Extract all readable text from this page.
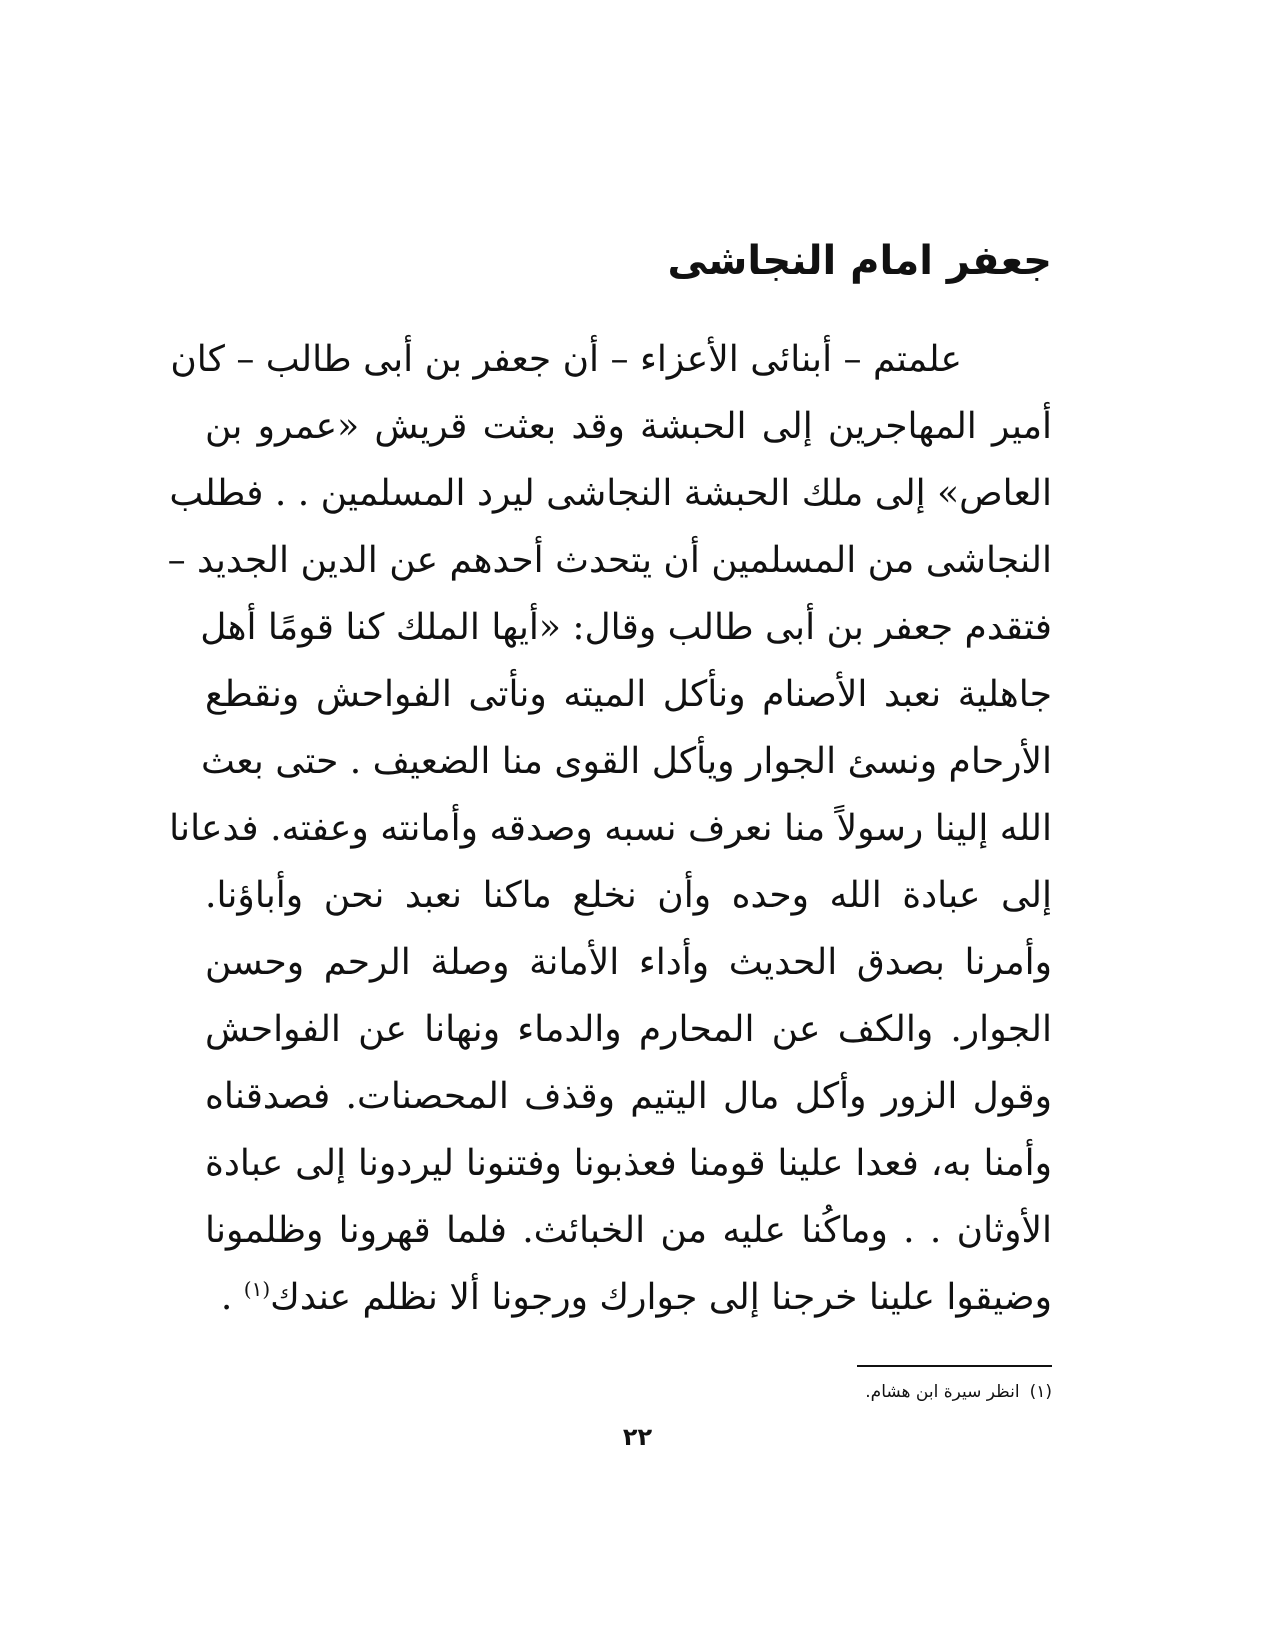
جعفر امام النجاشى
علمتم – أبنائى الأعزاء – أن جعفر بن أبى طالب – كان
أمير المهاجرين إلى الحبشة وقد بعثت قريش «عمرو بن
العاص» إلى ملك الحبشة النجاشى ليرد المسلمين . . فطلب
النجاشى من المسلمين أن يتحدث أحدهم عن الدين الجديد –
فتقدم جعفر بن أبى طالب وقال: «أيها الملك كنا قومًا أهل
جاهلية نعبد الأصنام ونأكل الميته ونأتى الفواحش ونقطع
الأرحام ونسئ الجوار ويأكل القوى منا الضعيف . حتى بعث
الله إلينا رسولاً منا نعرف نسبه وصدقه وأمانته وعفته. فدعانا
إلى عبادة الله وحده وأن نخلع ماكنا نعبد نحن وأباؤنا.
وأمرنا بصدق الحديث وأداء الأمانة وصلة الرحم وحسن
الجوار. والكف عن المحارم والدماء ونهانا عن الفواحش
وقول الزور وأكل مال اليتيم وقذف المحصنات. فصدقناه
وأمنا به، فعدا علينا قومنا فعذبونا وفتنونا ليردونا إلى عبادة
الأوثان . . وماكُنا عليه من الخبائث. فلما قهرونا وظلمونا
وضيقوا علينا خرجنا إلى جوارك ورجونا ألا نظلم عندك$^{(١)}$ .
(١)انظر سيرة ابن هشام.
٢٢
